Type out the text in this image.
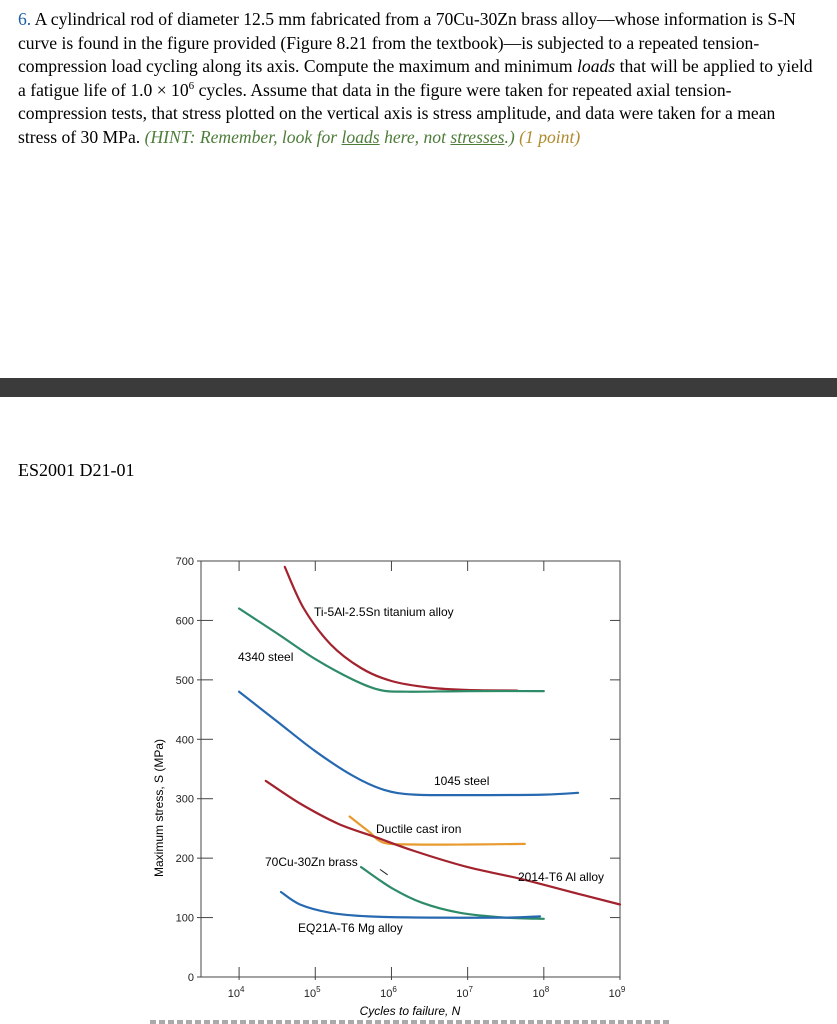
6. A cylindrical rod of diameter 12.5 mm fabricated from a 70Cu-30Zn brass alloy—whose information is S-N curve is found in the figure provided (Figure 8.21 from the textbook)—is subjected to a repeated tension-compression load cycling along its axis. Compute the maximum and minimum loads that will be applied to yield a fatigue life of $1.0 \times 10^6$ cycles. Assume that data in the figure were taken for repeated axial tension-compression tests, that stress plotted on the vertical axis is stress amplitude, and data were taken for a mean stress of 30 MPa. (HINT: Remember, look for loads here, not stresses.) (1 point)
ES2001 D21-01
0
100
200
300
400
500
600
700
$10^4$	$10^5$	$10^6$	$10^7$	$10^8$	$10^9$
Ti-5Al-2.5Sn titanium alloy
4340 steel
1045 steel
Ductile cast iron
70Cu-30Zn brass
2014-T6 Al alloy
EQ21A-T6 Mg alloy
Cycles to failure, N
Maximum stress, S (MPa)
